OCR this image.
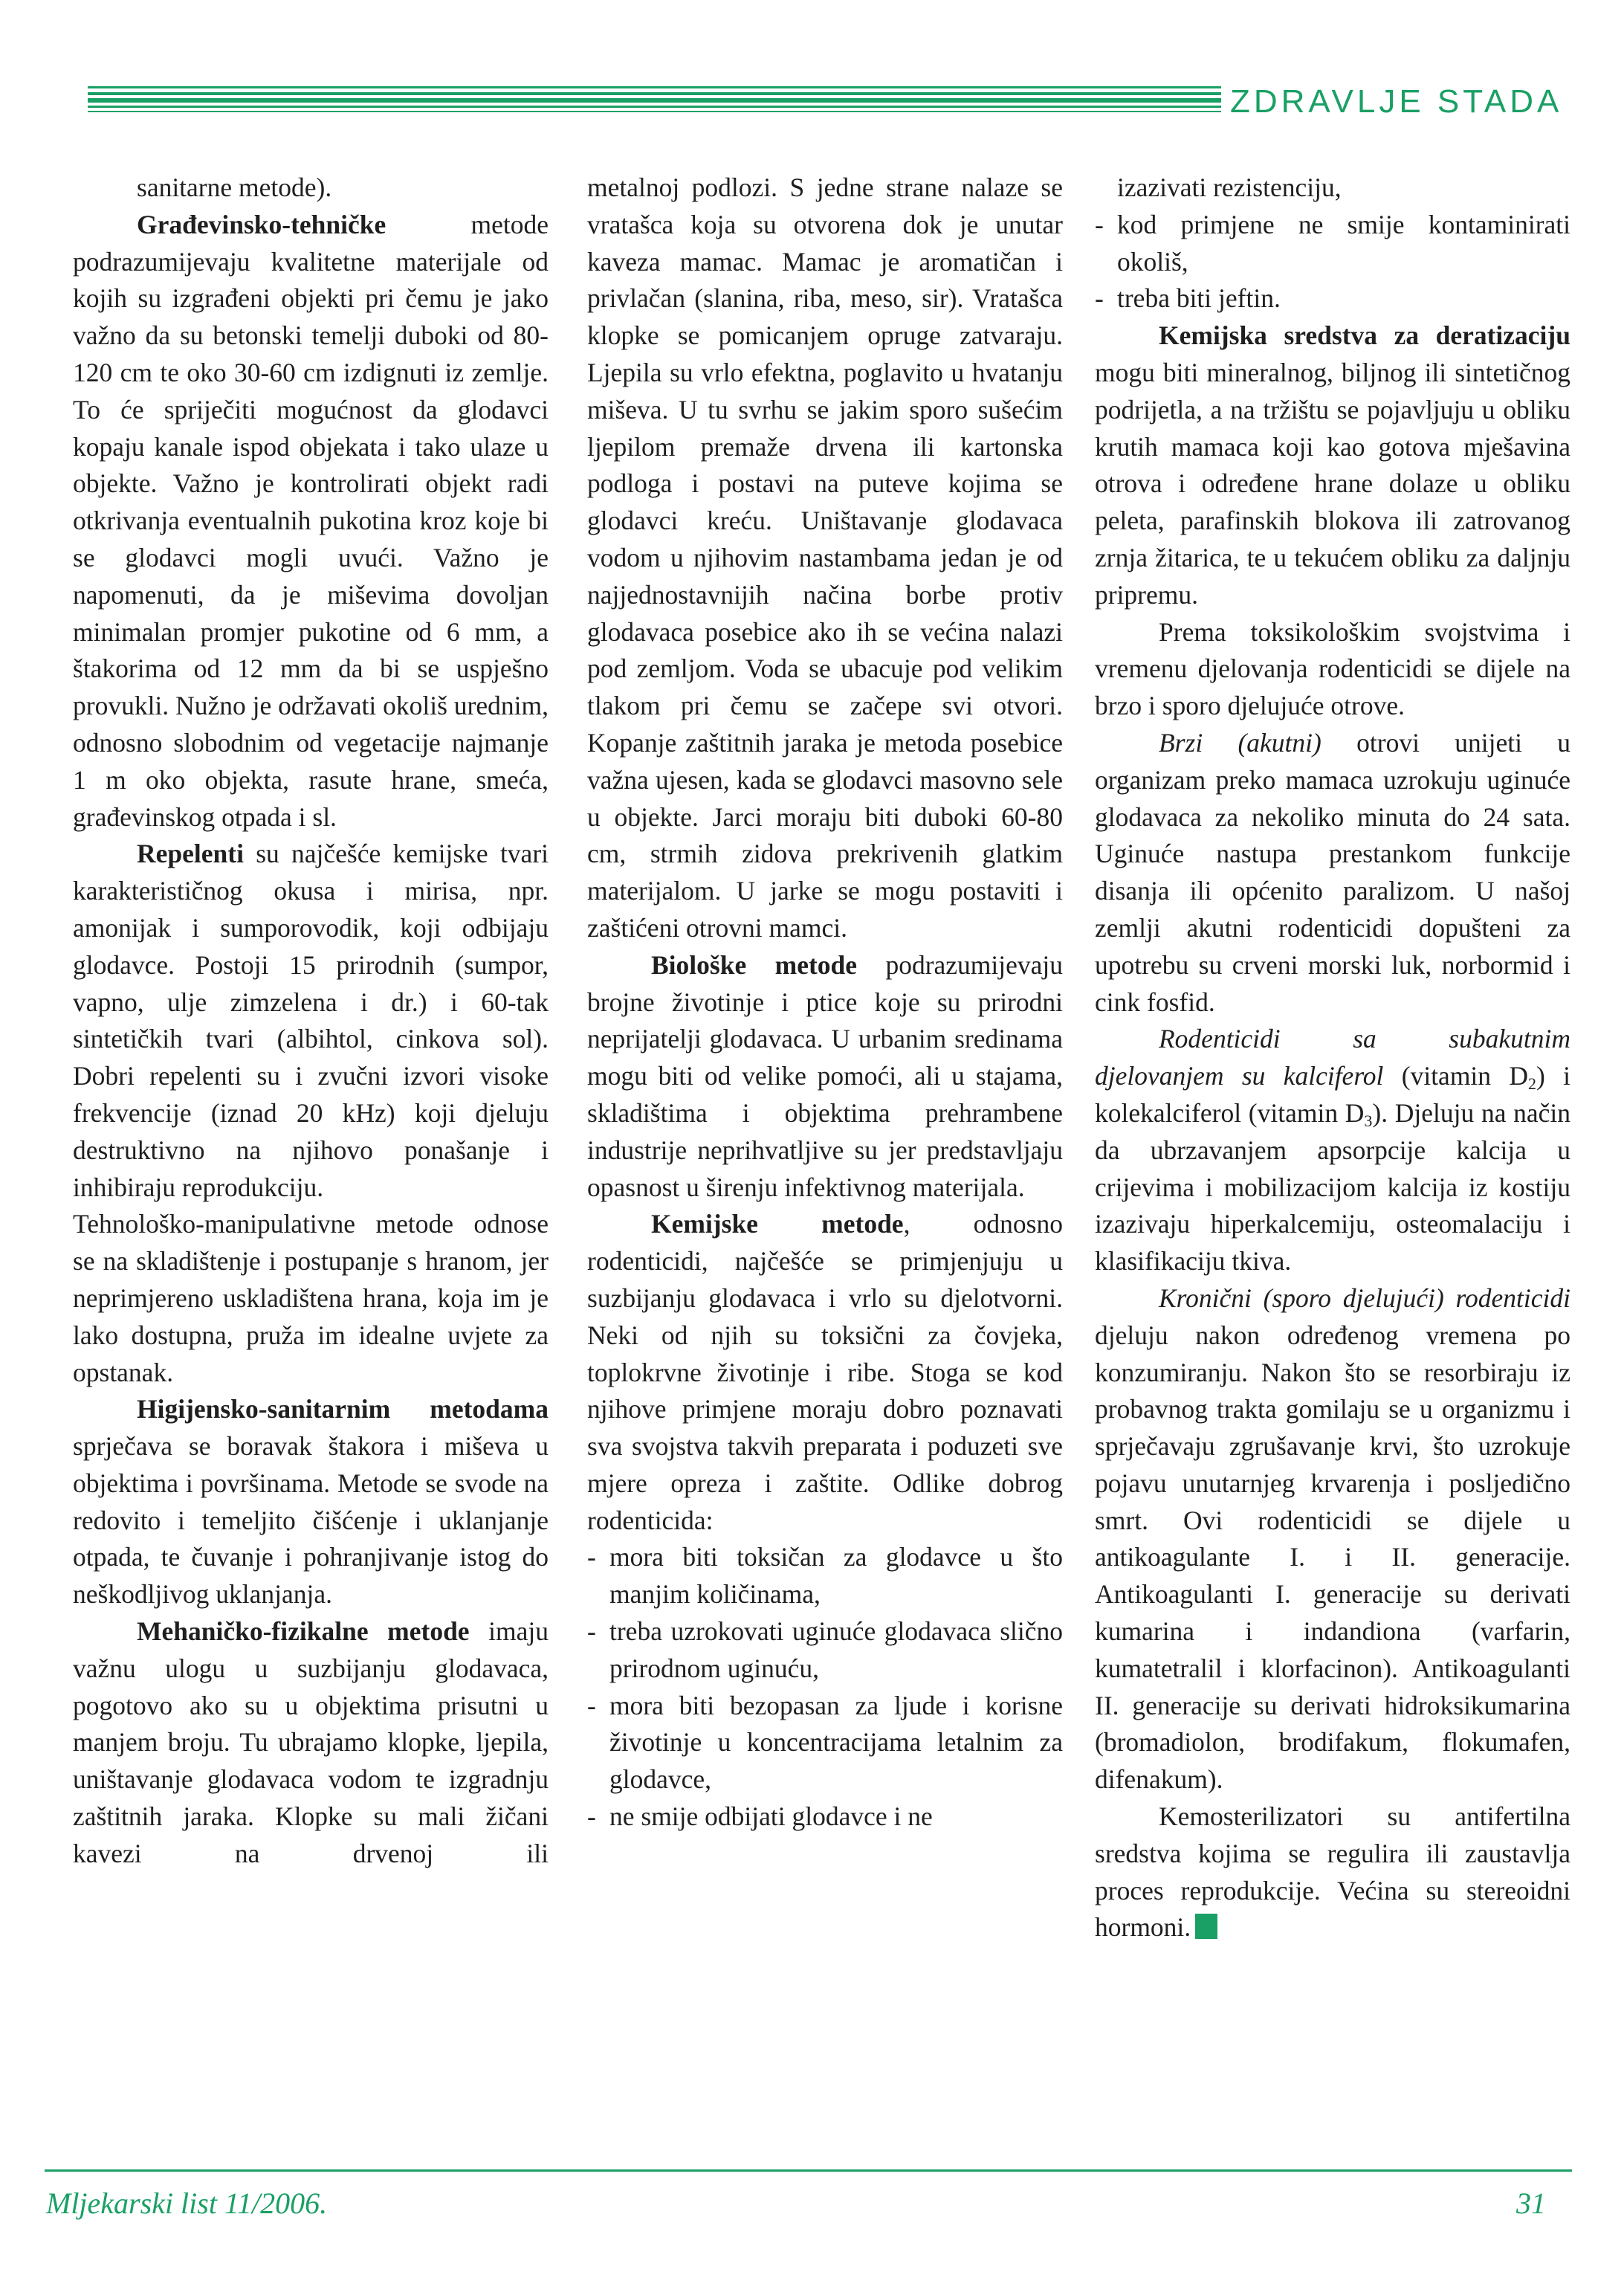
ZDRAVLJE STADA

sanitarne metode).

Građevinsko-tehničke metode podrazumijevaju kvalitetne materijale od kojih su izgrađeni objekti pri čemu je jako važno da su betonski temelji duboki od 80-120 cm te oko 30-60 cm izdignuti iz zemlje. To će spriječiti mogućnost da glodavci kopaju kanale ispod objekata i tako ulaze u objekte. Važno je kontrolirati objekt radi otkrivanja eventualnih pukotina kroz koje bi se glodavci mogli uvući. Važno je napomenuti, da je miševima dovoljan minimalan promjer pukotine od 6 mm, a štakorima od 12 mm da bi se uspješno provukli. Nužno je održavati okoliš urednim, odnosno slobodnim od vegetacije najmanje 1 m oko objekta, rasute hrane, smeća, građevinskog otpada i sl.

Repelenti su najčešće kemijske tvari karakterističnog okusa i mirisa, npr. amonijak i sumporovodik, koji odbijaju glodavce. Postoji 15 prirodnih (sumpor, vapno, ulje zimzelena i dr.) i 60-tak sintetičkih tvari (albihtol, cinkova sol). Dobri repelenti su i zvučni izvori visoke frekvencije (iznad 20 kHz) koji djeluju destruktivno na njihovo ponašanje i inhibiraju reprodukciju.

Tehnološko-manipulativne metode odnose se na skladištenje i postupanje s hranom, jer neprimjereno uskladištena hrana, koja im je lako dostupna, pruža im idealne uvjete za opstanak.

Higijensko-sanitarnim metodama sprječava se boravak štakora i miševa u objektima i površinama. Metode se svode na redovito i temeljito čišćenje i uklanjanje otpada, te čuvanje i pohranjivanje istog do neškodljivog uklanjanja.

Mehaničko-fizikalne metode imaju važnu ulogu u suzbijanju glodavaca, pogotovo ako su u objektima prisutni u manjem broju. Tu ubrajamo klopke, ljepila, uništavanje glodavaca vodom te izgradnju zaštitnih jaraka. Klopke su mali žičani kavezi na drvenoj ili

metalnoj podlozi. S jedne strane nalaze se vratašca koja su otvorena dok je unutar kaveza mamac. Mamac je aromatičan i privlačan (slanina, riba, meso, sir). Vratašca klopke se pomicanjem opruge zatvaraju. Ljepila su vrlo efektna, poglavito u hvatanju miševa. U tu svrhu se jakim sporo sušećim ljepilom premaže drvena ili kartonska podloga i postavi na puteve kojima se glodavci kreću. Uništavanje glodavaca vodom u njihovim nastambama jedan je od najjednostavnijih načina borbe protiv glodavaca posebice ako ih se većina nalazi pod zemljom. Voda se ubacuje pod velikim tlakom pri čemu se začepe svi otvori. Kopanje zaštitnih jaraka je metoda posebice važna ujesen, kada se glodavci masovno sele u objekte. Jarci moraju biti duboki 60-80 cm, strmih zidova prekrivenih glatkim materijalom. U jarke se mogu postaviti i zaštićeni otrovni mamci.

Biološke metode podrazumijevaju brojne životinje i ptice koje su prirodni neprijatelji glodavaca. U urbanim sredinama mogu biti od velike pomoći, ali u stajama, skladištima i objektima prehrambene industrije neprihvatljive su jer predstavljaju opasnost u širenju infektivnog materijala.

Kemijske metode, odnosno rodenticidi, najčešće se primjenjuju u suzbijanju glodavaca i vrlo su djelotvorni. Neki od njih su toksični za čovjeka, toplokrvne životinje i ribe. Stoga se kod njihove primjene moraju dobro poznavati sva svojstva takvih preparata i poduzeti sve mjere opreza i zaštite. Odlike dobrog rodenticida:

- mora biti toksičan za glodavce u što manjim količinama,
- treba uzrokovati uginuće glodavaca slično prirodnom uginuću,
- mora biti bezopasan za ljude i korisne životinje u koncentracijama letalnim za glodavce,
- ne smije odbijati glodavce i ne

izazivati rezistenciju,

- kod primjene ne smije kontaminirati okoliš,
- treba biti jeftin.

Kemijska sredstva za deratizaciju mogu biti mineralnog, biljnog ili sintetičnog podrijetla, a na tržištu se pojavljuju u obliku krutih mamaca koji kao gotova mješavina otrova i određene hrane dolaze u obliku peleta, parafinskih blokova ili zatrovanog zrnja žitarica, te u tekućem obliku za daljnju pripremu.

Prema toksikološkim svojstvima i vremenu djelovanja rodenticidi se dijele na brzo i sporo djelujuće otrove.

Brzi (akutni) otrovi unijeti u organizam preko mamaca uzrokuju uginuće glodavaca za nekoliko minuta do 24 sata. Uginuće nastupa prestankom funkcije disanja ili općenito paralizom. U našoj zemlji akutni rodenticidi dopušteni za upotrebu su crveni morski luk, norbormid i cink fosfid.

Rodenticidi sa subakutnim djelovanjem su kalciferol (vitamin $D_2$) i kolekalciferol (vitamin $D_3$). Djeluju na način da ubrzavanjem apsorpcije kalcija u crijevima i mobilizacijom kalcija iz kostiju izazivaju hiperkalcemiju, osteomalaciju i klasifikaciju tkiva.

Kronični (sporo djelujući) rodenticidi djeluju nakon određenog vremena po konzumiranju. Nakon što se resorbiraju iz probavnog trakta gomilaju se u organizmu i sprječavaju zgrušavanje krvi, što uzrokuje pojavu unutarnjeg krvarenja i posljedično smrt. Ovi rodenticidi se dijele u antikoagulante I. i II. generacije. Antikoagulanti I. generacije su derivati kumarina i indandiona (varfarin, kumatetralil i klorfacinon). Antikoagulanti II. generacije su derivati hidroksikumarina (bromadiolon, brodifakum, flokumafen, difenakum).

Kemosterilizatori su antifertilna sredstva kojima se regulira ili zaustavlja proces reprodukcije. Većina su stereoidni hormoni.

Mljekarski list 11/2006.	31
